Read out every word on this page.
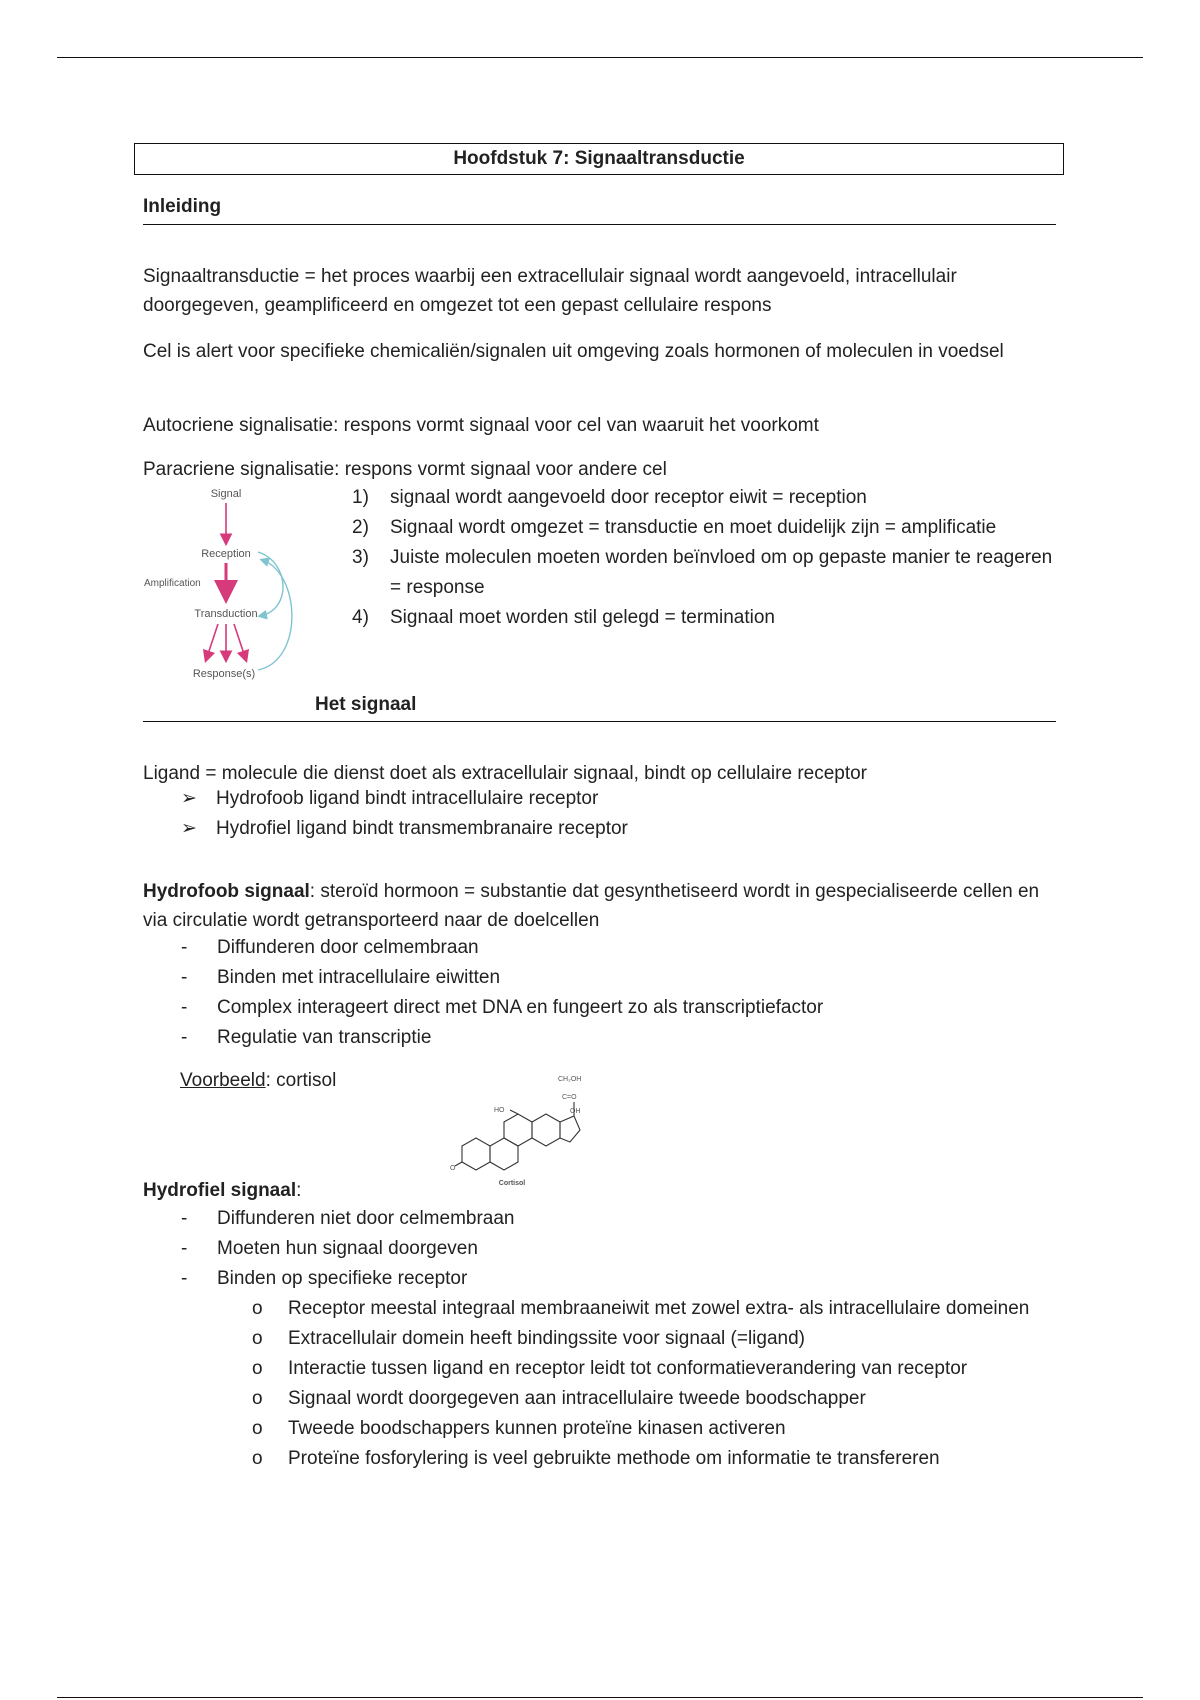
Hoofdstuk 7: Signaaltransductie
Inleiding

Signaaltransductie = het proces waarbij een extracellulair signaal wordt aangevoeld, intracellulair doorgegeven, geamplificeerd en omgezet tot een gepast cellulaire respons

Cel is alert voor specifieke chemicaliën/signalen uit omgeving zoals hormonen of moleculen in voedsel

Autocriene signalisatie: respons vormt signaal voor cel van waaruit het voorkomt

Paracriene signalisatie: respons vormt signaal voor andere cel

Signal
Reception
Amplification
Transduction
Response(s)
1) signaal wordt aangevoeld door receptor eiwit = reception
2) Signaal wordt omgezet = transductie en moet duidelijk zijn = amplificatie
3) Juiste moleculen moeten worden beïnvloed om op gepaste manier te reageren = response
4) Signaal moet worden stil gelegd = termination
Het signaal

Ligand = molecule die dienst doet als extracellulair signaal, bindt op cellulaire receptor

➢ Hydrofoob ligand bindt intracellulaire receptor
➢ Hydrofiel ligand bindt transmembranaire receptor

Hydrofoob signaal: steroïd hormoon = substantie dat gesynthetiseerd wordt in gespecialiseerde cellen en via circulatie wordt getransporteerd naar de doelcellen

- Diffunderen door celmembraan
- Binden met intracellulaire eiwitten
- Complex interageert direct met DNA en fungeert zo als transcriptiefactor
- Regulatie van transcriptie

Voorbeeld: cortisol	CH₂OH
C=O
OH
HO
O
Cortisol

Hydrofiel signaal:

- Diffunderen niet door celmembraan
- Moeten hun signaal doorgeven
- Binden op specifieke receptor
o Receptor meestal integraal membraaneiwit met zowel extra- als intracellulaire domeinen
o Extracellulair domein heeft bindingssite voor signaal (=ligand)
o Interactie tussen ligand en receptor leidt tot conformatieverandering van receptor
o Signaal wordt doorgegeven aan intracellulaire tweede boodschapper
o Tweede boodschappers kunnen proteïne kinasen activeren
o Proteïne fosforylering is veel gebruikte methode om informatie te transfereren
